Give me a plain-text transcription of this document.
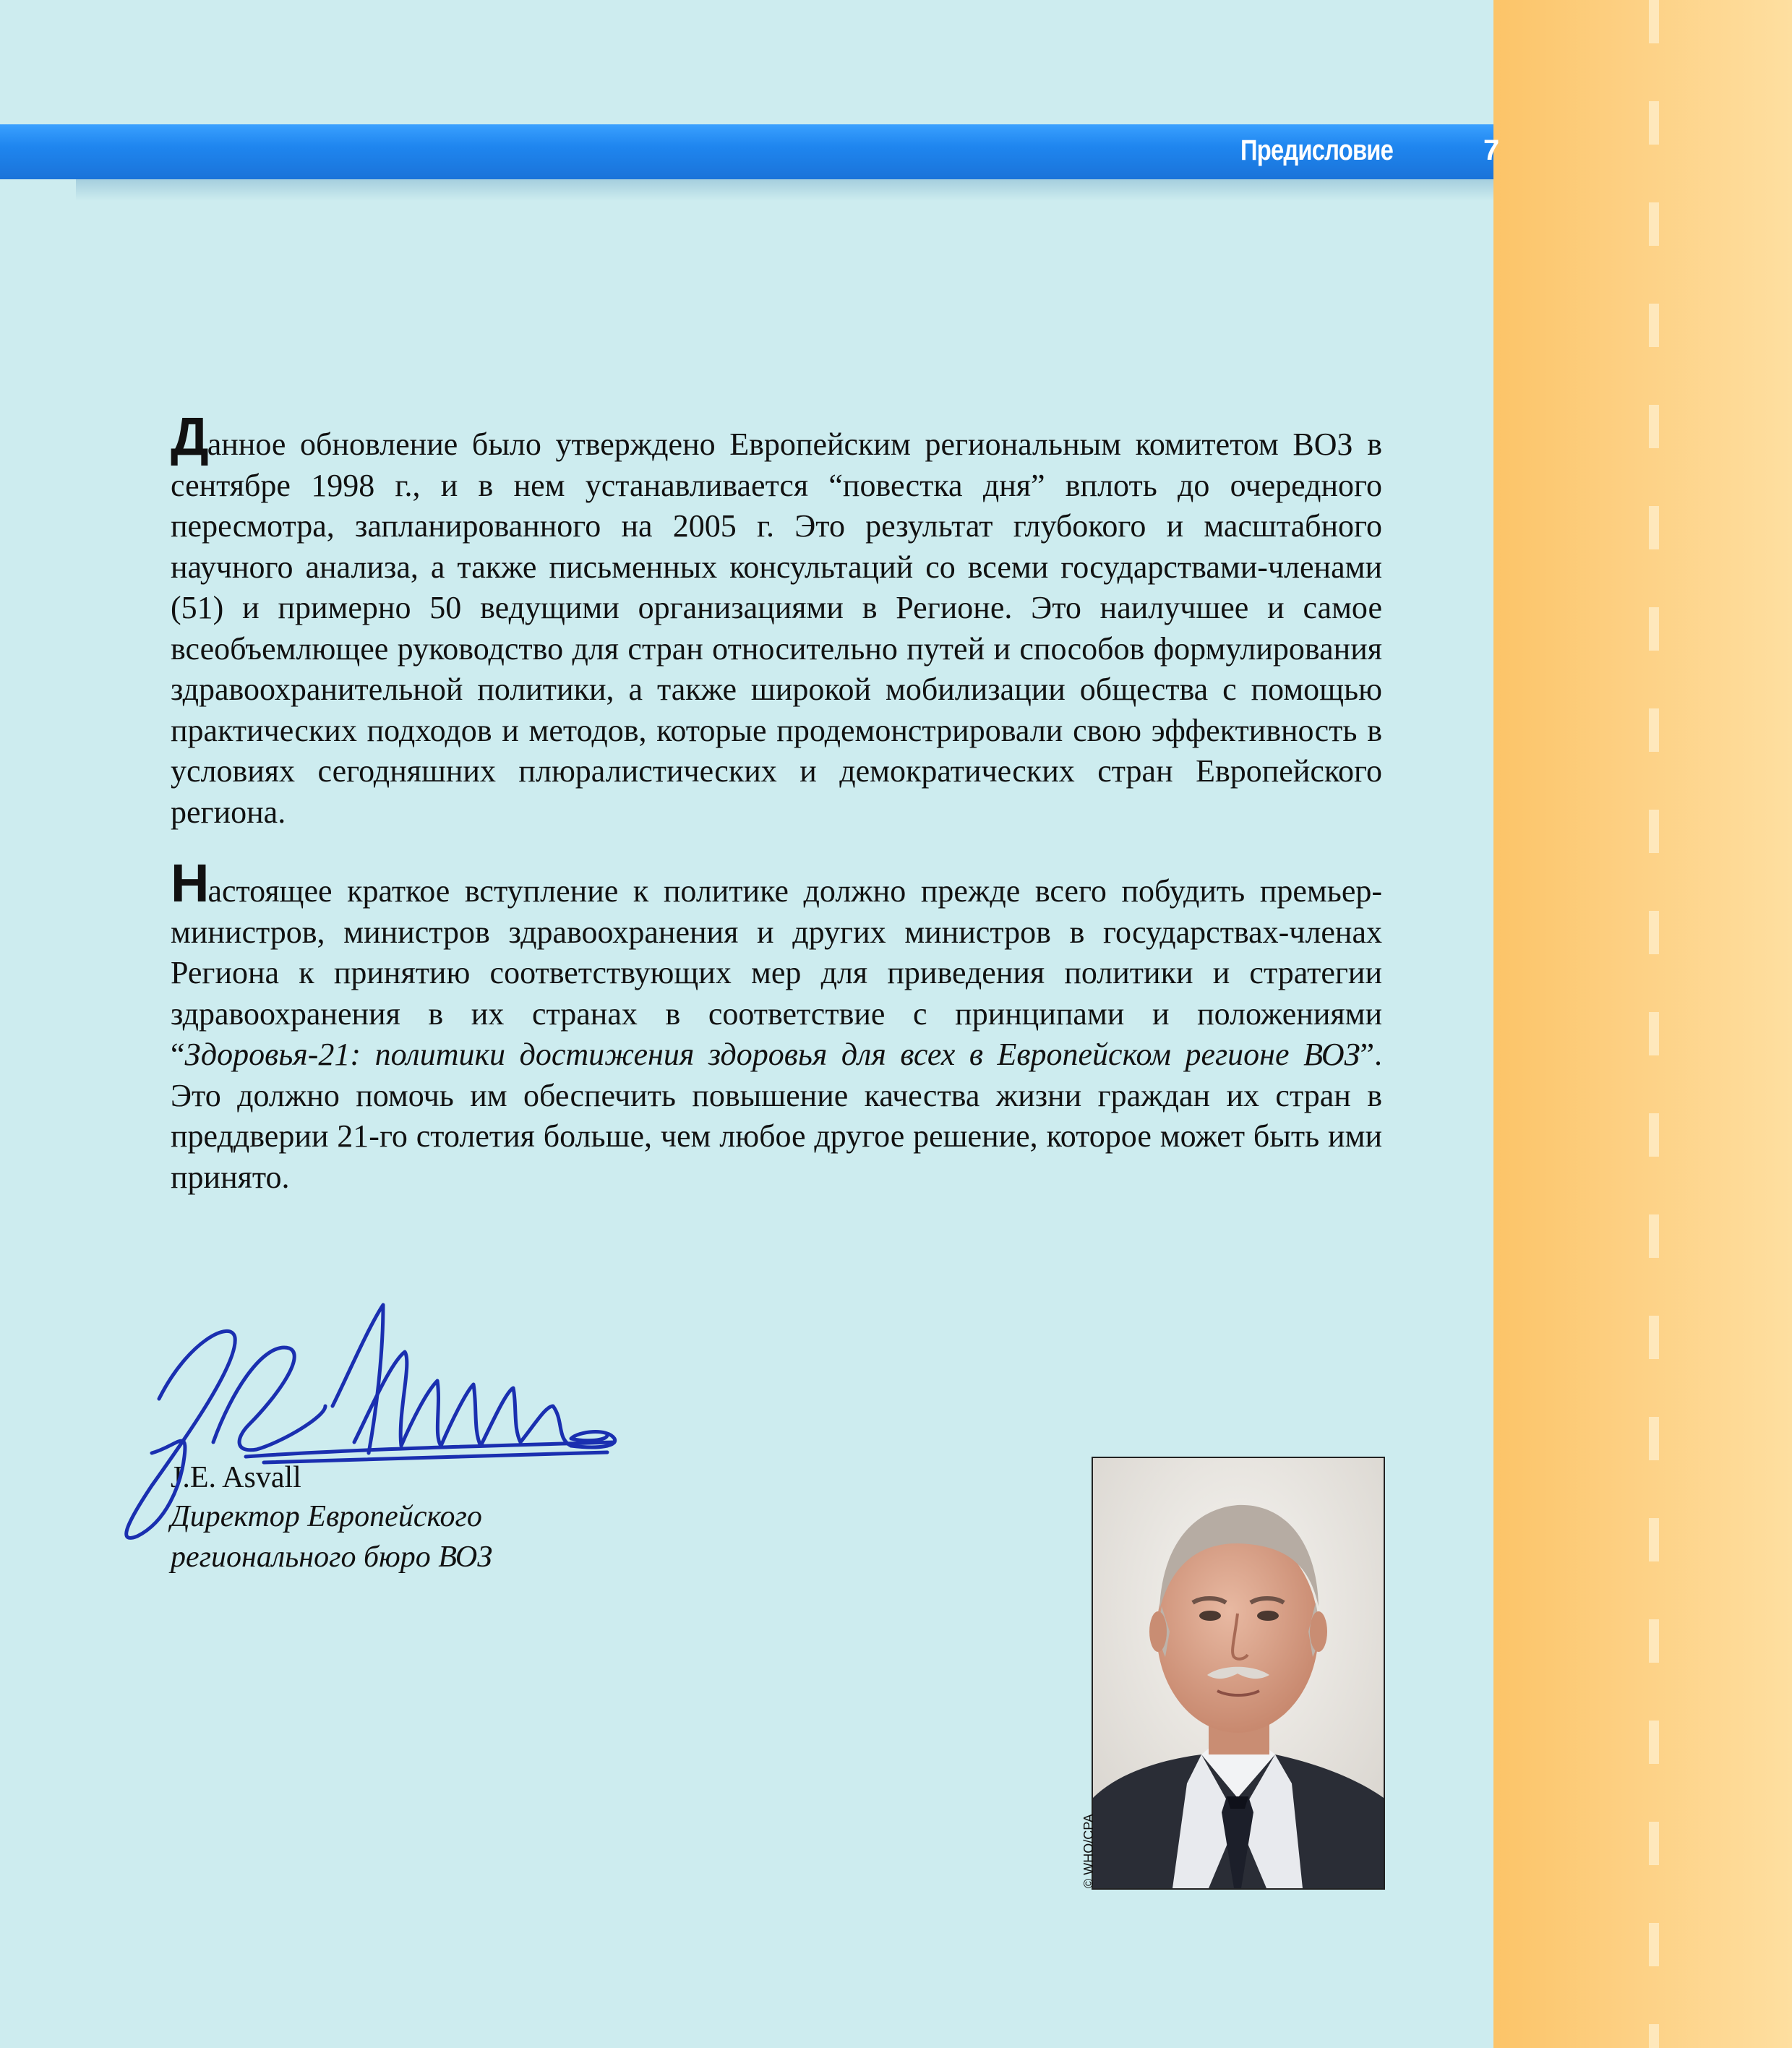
Предисловие	7

Данное обновление было утверждено Европейским региональным комитетом ВОЗ в сентябре 1998 г., и в нем устанавливается “повестка дня” вплоть до очередного пересмотра, запланированного на 2005 г. Это результат глубокого и масштабного научного анализа, а также письменных консультаций со всеми государствами-членами (51) и примерно 50 ведущими организациями в Регионе. Это наилучшее и самое всеобъемлющее руководство для стран относительно путей и способов формулирования здравоохранительной политики, а также широкой мобилизации общества с помощью практических подходов и методов, которые продемонстрировали свою эффективность в условиях сегодняшних плюралистических и демократических стран Европейского региона.

Настоящее краткое вступление к политике должно прежде всего побудить премьер-министров, министров здравоохранения и других министров в государствах-членах Региона к принятию соответствующих мер для приведения политики и стратегии здравоохранения в их странах в соответствие с принципами и положениями “Здоровья-21: политики достижения здоровья для всех в Европейском регионе ВОЗ”. Это должно помочь им обеспечить повышение качества жизни граждан их стран в преддверии 21-го столетия больше, чем любое другое решение, которое может быть ими принято.

J.E. Asvall
Директор Европейского
регионального бюро ВОЗ
© WHO/CPA
